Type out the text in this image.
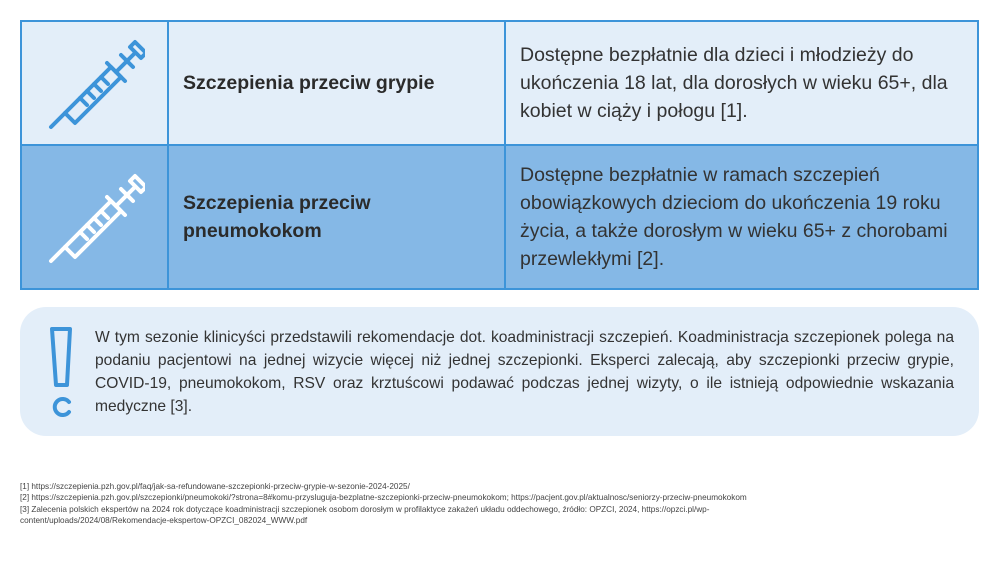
Szczepienia przeciw grypie
Dostępne bezpłatnie dla dzieci i młodzieży do ukończenia 18 lat, dla dorosłych w wieku 65+, dla kobiet w ciąży i połogu [1].
Szczepienia przeciw pneumokokom
Dostępne bezpłatnie w ramach szczepień obowiązkowych dzieciom do ukończenia 19 roku życia, a także dorosłym w wieku 65+ z chorobami przewlekłymi [2].
W tym sezonie klinicyści przedstawili rekomendacje dot. koadministracji szczepień. Koadministracja szczepionek polega na podaniu pacjentowi na jednej wizycie więcej niż jednej szczepionki. Eksperci zalecają, aby szczepionki przeciw grypie, COVID-19, pneumokokom, RSV oraz krztuścowi podawać podczas jednej wizyty, o ile istnieją odpowiednie wskazania medyczne [3].

[1] https://szczepienia.pzh.gov.pl/faq/jak-sa-refundowane-szczepionki-przeciw-grypie-w-sezonie-2024-2025/

[2] https://szczepienia.pzh.gov.pl/szczepionki/pneumokoki/?strona=8#komu-przysluguja-bezplatne-szczepionki-przeciw-pneumokokom; https://pacjent.gov.pl/aktualnosc/seniorzy-przeciw-pneumokokom

[3] Zalecenia polskich ekspertów na 2024 rok dotyczące koadministracji szczepionek osobom dorosłym w profilaktyce zakażeń układu oddechowego, źródło: OPZCI, 2024, https://opzci.pl/wp-

content/uploads/2024/08/Rekomendacje-ekspertow-OPZCI_082024_WWW.pdf
